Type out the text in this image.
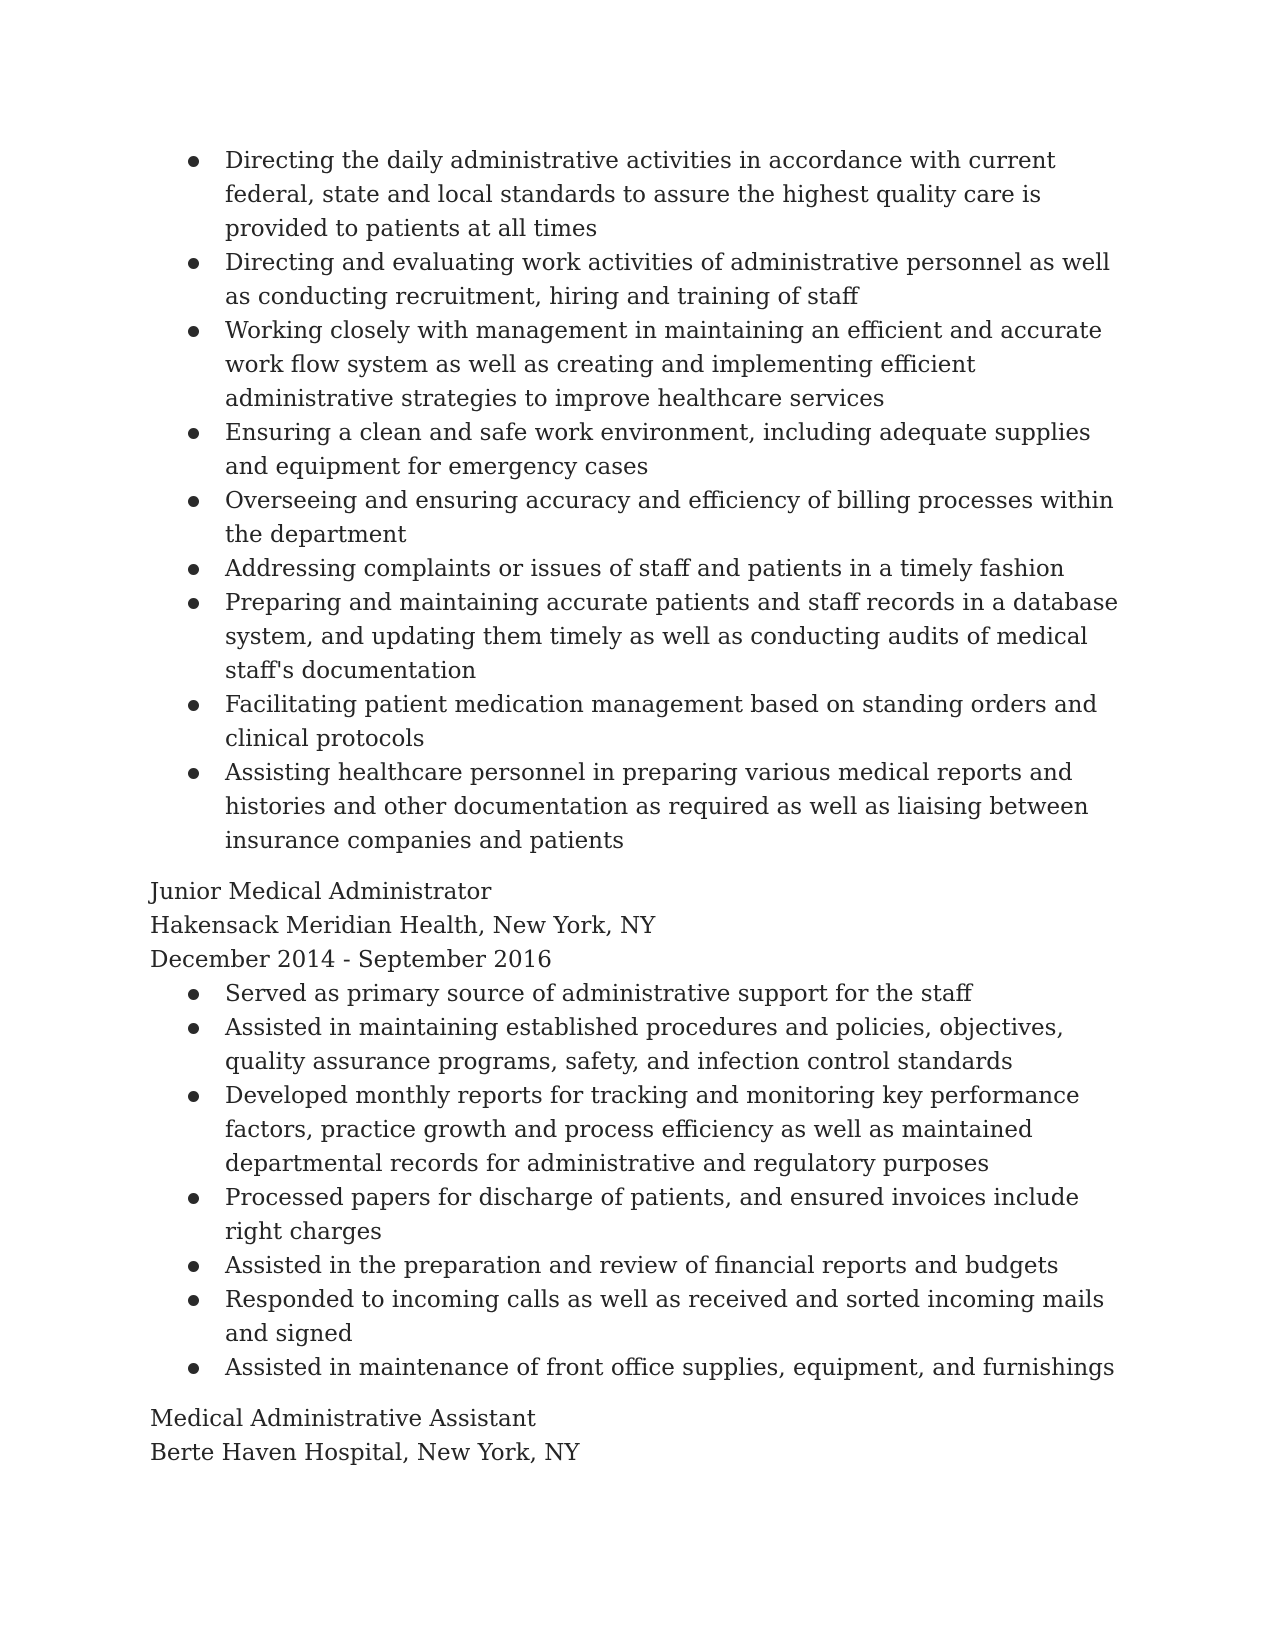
Directing the daily administrative activities in accordance with current federal, state and local standards to assure the highest quality care is provided to patients at all times
Directing and evaluating work activities of administrative personnel as well as conducting recruitment, hiring and training of staff
Working closely with management in maintaining an efficient and accurate work flow system as well as creating and implementing efficient administrative strategies to improve healthcare services
Ensuring a clean and safe work environment, including adequate supplies and equipment for emergency cases
Overseeing and ensuring accuracy and efficiency of billing processes within the department
Addressing complaints or issues of staff and patients in a timely fashion
Preparing and maintaining accurate patients and staff records in a database system, and updating them timely as well as conducting audits of medical staff's documentation
Facilitating patient medication management based on standing orders and clinical protocols
Assisting healthcare personnel in preparing various medical reports and histories and other documentation as required as well as liaising between insurance companies and patients
Junior Medical Administrator
Hakensack Meridian Health, New York, NY
December 2014 - September 2016
Served as primary source of administrative support for the staff
Assisted in maintaining established procedures and policies, objectives, quality assurance programs, safety, and infection control standards
Developed monthly reports for tracking and monitoring key performance factors, practice growth and process efficiency as well as maintained departmental records for administrative and regulatory purposes
Processed papers for discharge of patients, and ensured invoices include right charges
Assisted in the preparation and review of financial reports and budgets
Responded to incoming calls as well as received and sorted incoming mails and signed
Assisted in maintenance of front office supplies, equipment, and furnishings
Medical Administrative Assistant
Berte Haven Hospital, New York, NY
